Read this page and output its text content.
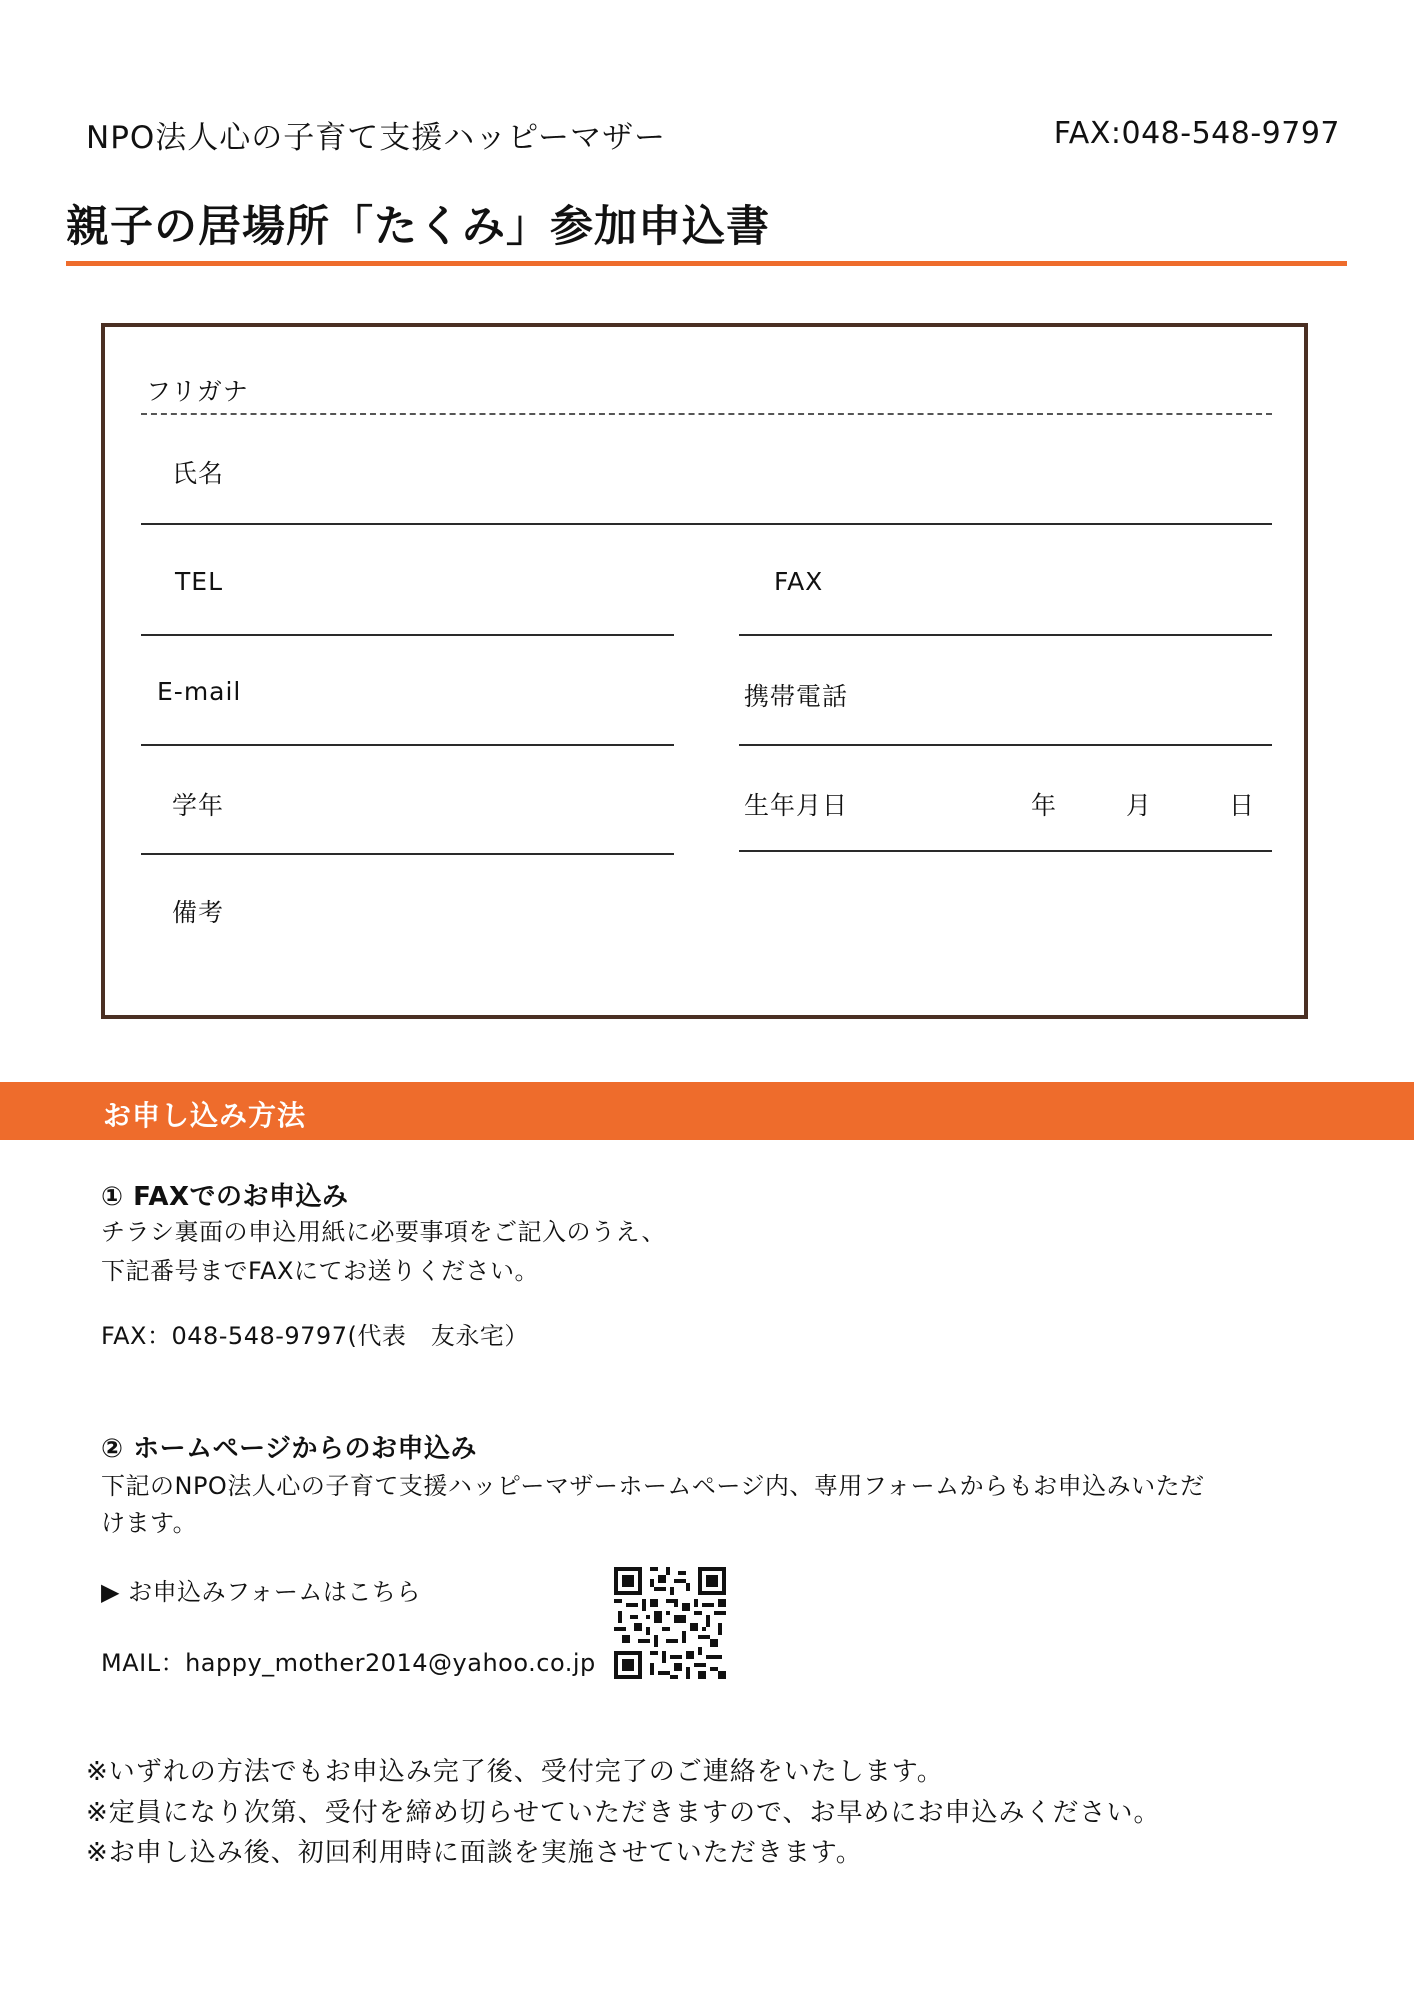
NPO法人心の子育て支援ハッピーマザー	FAX:048-548-9797
親子の居場所「たくみ」参加申込書
フリガナ
氏名
TEL	FAX
E-mail	携帯電話
学年	生年月日	年	月	日
備考
お申し込み方法
① FAXでのお申込み
チラシ裏面の申込用紙に必要事項をご記入のうえ、
下記番号までFAXにてお送りください。
FAX：048-548-9797(代表　友永宅）
② ホームページからのお申込み
下記のNPO法人心の子育て支援ハッピーマザーホームページ内、専用フォームからもお申込みいただ
けます。
▶ お申込みフォームはこちら
MAIL：happy_mother2014@yahoo.co.jp
※いずれの方法でもお申込み完了後、受付完了のご連絡をいたします。
※定員になり次第、受付を締め切らせていただきますので、お早めにお申込みください。
※お申し込み後、初回利用時に面談を実施させていただきます。
